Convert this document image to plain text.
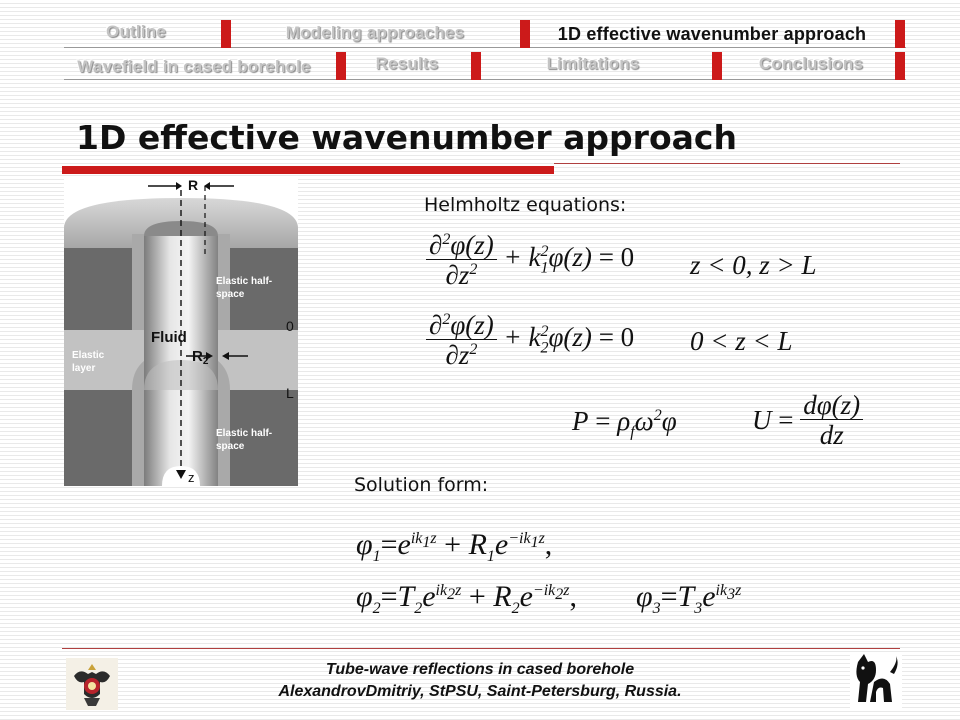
Outline	Modeling approaches	1D effective wavenumber approach
Wavefield in cased borehole	Results	Limitations	Conclusions
1D effective wavenumber approach
R
Fluid
$R_2$
Elastic half-space
Elastic layer
Elastic half-space
0
L
z
Helmholtz equations:
$\frac{\partial^2\varphi(z)}{\partial z^2} + k_1^2\varphi(z) = 0$ z < 0, z > L
$\frac{\partial^2\varphi(z)}{\partial z^2} + k_2^2\varphi(z) = 0$ 0 < z < L
$P = \rho_f\omega^2\varphi$	$U = \frac{d\varphi(z)}{dz}$
Solution form:
$\varphi_1=e^{ik_1z} + R_1e^{-ik_1z}$,
$\varphi_2=T_2e^{ik_2z} + R_2e^{-ik_2z}$, $\varphi_3=T_3e^{ik_3z}$
Tube-wave reflections in cased borehole
AlexandrovDmitriy, StPSU, Saint-Petersburg, Russia.
